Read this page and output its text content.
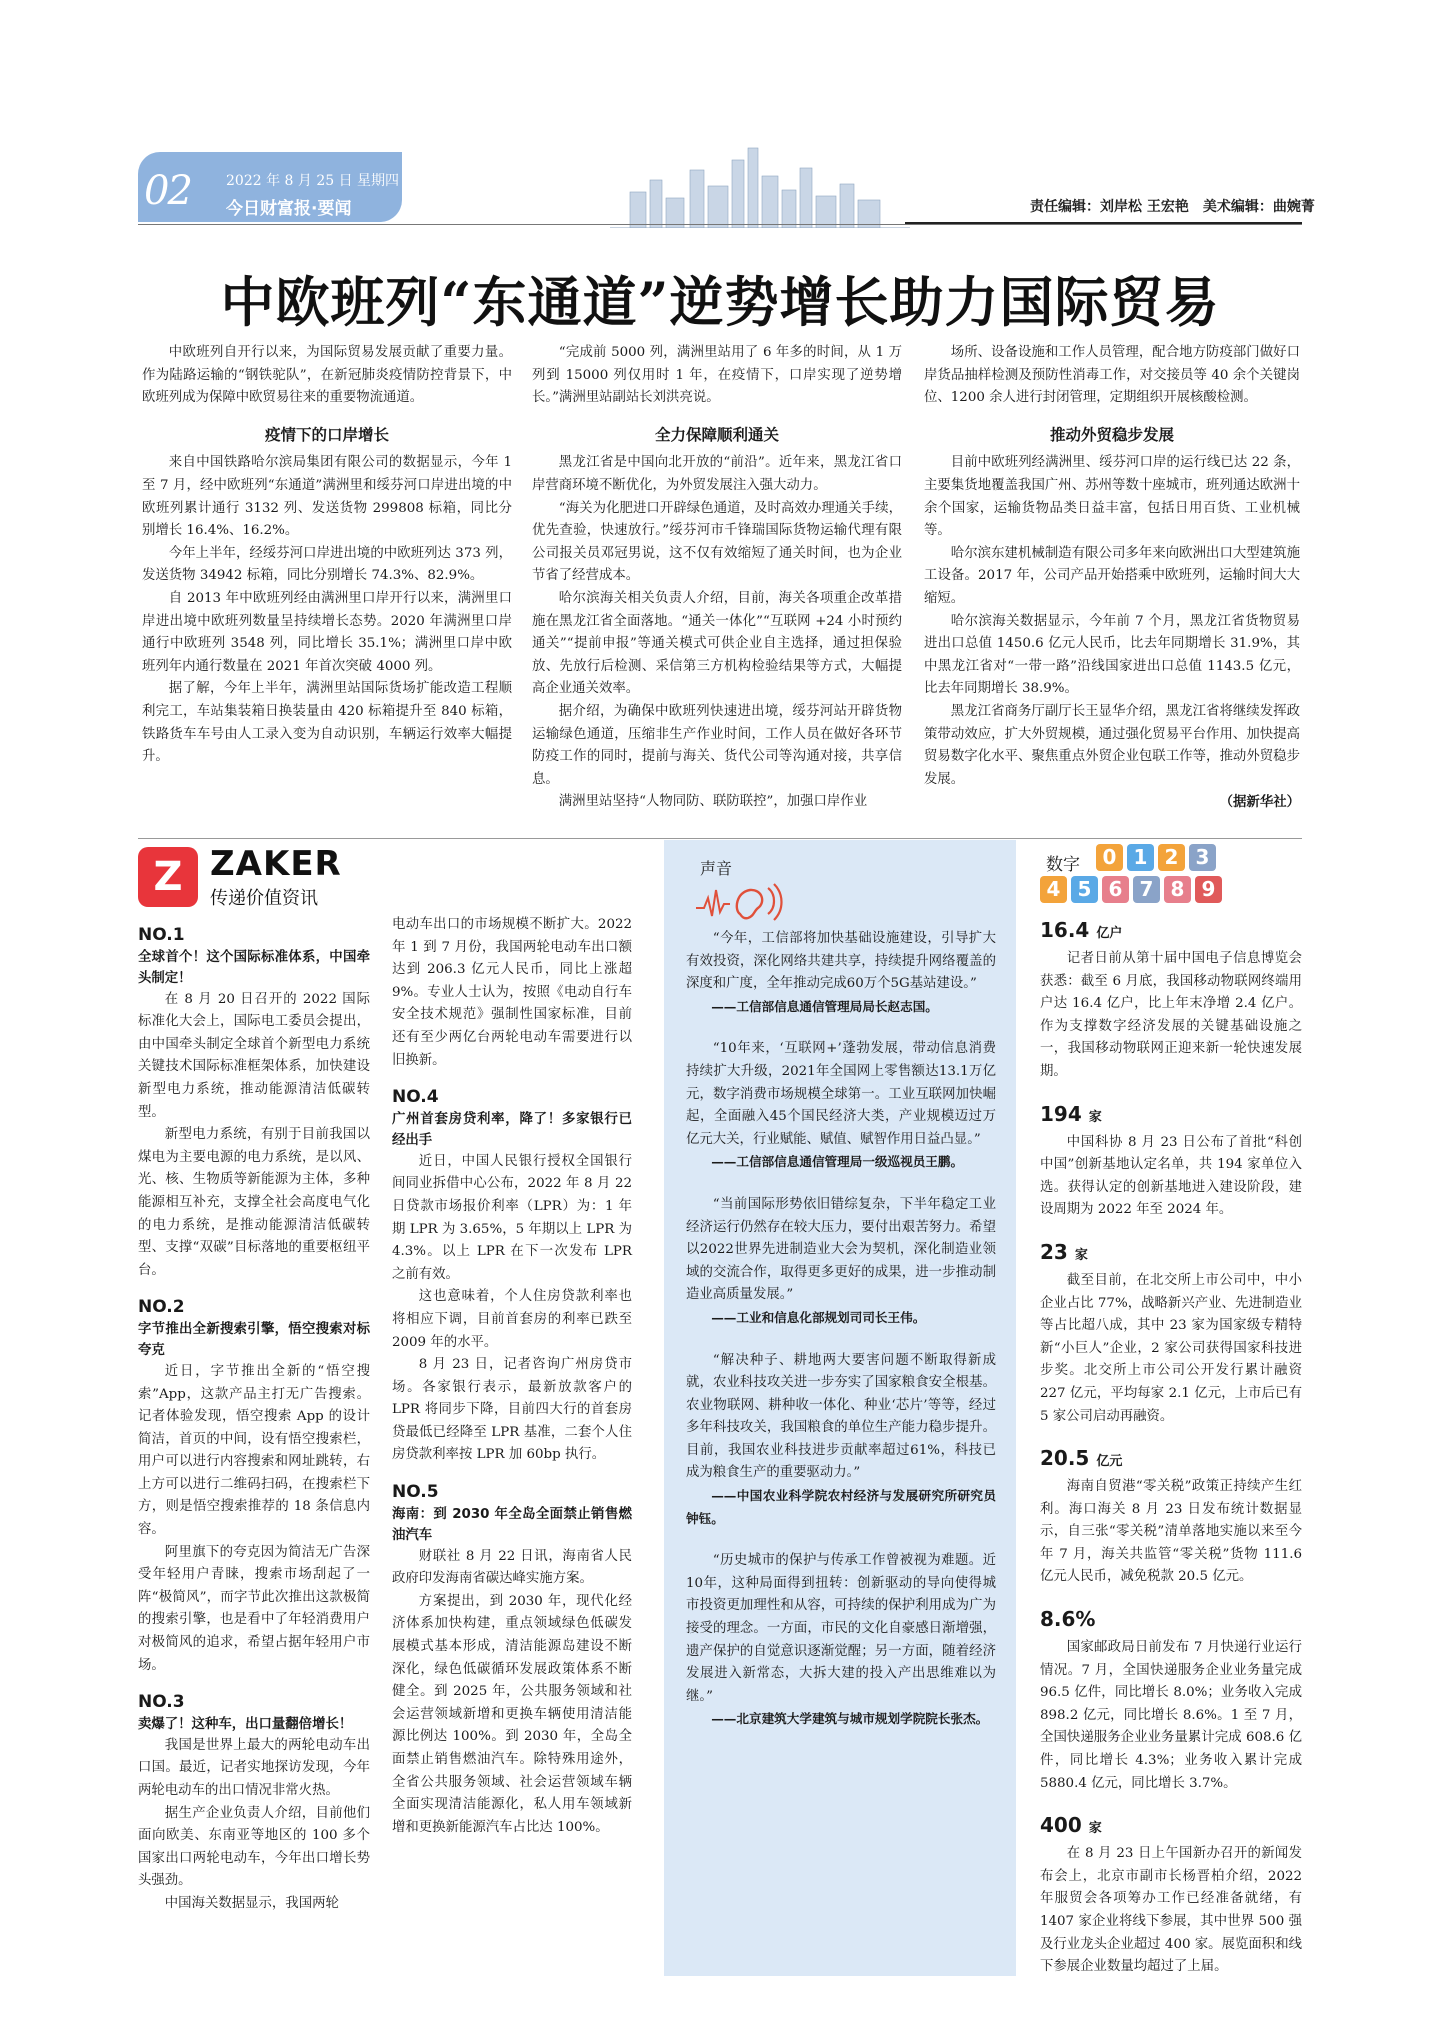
02	2022 年 8 月 25 日 星期四
今日财富报·要闻	责任编辑：刘岸松 王宏艳　美术编辑：曲婉菁
中欧班列“东通道”逆势增长助力国际贸易

中欧班列自开行以来，为国际贸易发展贡献了重要力量。作为陆路运输的“钢铁驼队”，在新冠肺炎疫情防控背景下，中欧班列成为保障中欧贸易往来的重要物流通道。

疫情下的口岸增长

来自中国铁路哈尔滨局集团有限公司的数据显示，今年 1 至 7 月，经中欧班列“东通道”满洲里和绥芬河口岸进出境的中欧班列累计通行 3132 列、发送货物 299808 标箱，同比分别增长 16.4%、16.2%。

今年上半年，经绥芬河口岸进出境的中欧班列达 373 列，发送货物 34942 标箱，同比分别增长 74.3%、82.9%。

自 2013 年中欧班列经由满洲里口岸开行以来，满洲里口岸进出境中欧班列数量呈持续增长态势。2020 年满洲里口岸通行中欧班列 3548 列，同比增长 35.1%；满洲里口岸中欧班列年内通行数量在 2021 年首次突破 4000 列。

据了解，今年上半年，满洲里站国际货场扩能改造工程顺利完工，车站集装箱日换装量由 420 标箱提升至 840 标箱，铁路货车车号由人工录入变为自动识别，车辆运行效率大幅提升。

“完成前 5000 列，满洲里站用了 6 年多的时间，从 1 万列到 15000 列仅用时 1 年，在疫情下，口岸实现了逆势增长。”满洲里站副站长刘洪亮说。

全力保障顺利通关

黑龙江省是中国向北开放的“前沿”。近年来，黑龙江省口岸营商环境不断优化，为外贸发展注入强大动力。

“海关为化肥进口开辟绿色通道，及时高效办理通关手续，优先查验，快速放行。”绥芬河市千锋瑞国际货物运输代理有限公司报关员邓冠男说，这不仅有效缩短了通关时间，也为企业节省了经营成本。

哈尔滨海关相关负责人介绍，目前，海关各项重企改革措施在黑龙江省全面落地。“通关一体化”“互联网 +24 小时预约通关”“提前申报”等通关模式可供企业自主选择，通过担保验放、先放行后检测、采信第三方机构检验结果等方式，大幅提高企业通关效率。

据介绍，为确保中欧班列快速进出境，绥芬河站开辟货物运输绿色通道，压缩非生产作业时间，工作人员在做好各环节防疫工作的同时，提前与海关、货代公司等沟通对接，共享信息。

满洲里站坚持“人物同防、联防联控”，加强口岸作业

场所、设备设施和工作人员管理，配合地方防疫部门做好口岸货品抽样检测及预防性消毒工作，对交接员等 40 余个关键岗位、1200 余人进行封闭管理，定期组织开展核酸检测。

推动外贸稳步发展

目前中欧班列经满洲里、绥芬河口岸的运行线已达 22 条，主要集货地覆盖我国广州、苏州等数十座城市，班列通达欧洲十余个国家，运输货物品类日益丰富，包括日用百货、工业机械等。

哈尔滨东建机械制造有限公司多年来向欧洲出口大型建筑施工设备。2017 年，公司产品开始搭乘中欧班列，运输时间大大缩短。

哈尔滨海关数据显示，今年前 7 个月，黑龙江省货物贸易进出口总值 1450.6 亿元人民币，比去年同期增长 31.9%，其中黑龙江省对“一带一路”沿线国家进出口总值 1143.5 亿元，比去年同期增长 38.9%。

黑龙江省商务厅副厅长王显华介绍，黑龙江省将继续发挥政策带动效应，扩大外贸规模，通过强化贸易平台作用、加快提高贸易数字化水平、聚焦重点外贸企业包联工作等，推动外贸稳步发展。

（据新华社）
Z ZAKER
传递价值资讯
NO.1
全球首个！这个国际标准体系，中国牵头制定！

在 8 月 20 日召开的 2022 国际标准化大会上，国际电工委员会提出，由中国牵头制定全球首个新型电力系统关键技术国际标准框架体系，加快建设新型电力系统，推动能源清洁低碳转型。

新型电力系统，有别于目前我国以煤电为主要电源的电力系统，是以风、光、核、生物质等新能源为主体，多种能源相互补充，支撑全社会高度电气化的电力系统，是推动能源清洁低碳转型、支撑“双碳”目标落地的重要枢纽平台。

NO.2
字节推出全新搜索引擎，悟空搜索对标夸克

近日，字节推出全新的“悟空搜索”App，这款产品主打无广告搜索。记者体验发现，悟空搜索 App 的设计简洁，首页的中间，设有悟空搜索栏，用户可以进行内容搜索和网址跳转，右上方可以进行二维码扫码，在搜索栏下方，则是悟空搜索推荐的 18 条信息内容。

阿里旗下的夸克因为简洁无广告深受年轻用户青睐，搜索市场刮起了一阵“极简风”，而字节此次推出这款极简的搜索引擎，也是看中了年轻消费用户对极简风的追求，希望占据年轻用户市场。

NO.3
卖爆了！这种车，出口量翻倍增长！

我国是世界上最大的两轮电动车出口国。最近，记者实地探访发现，今年两轮电动车的出口情况非常火热。

据生产企业负责人介绍，目前他们面向欧美、东南亚等地区的 100 多个国家出口两轮电动车，今年出口增长势头强劲。

中国海关数据显示，我国两轮

电动车出口的市场规模不断扩大。2022 年 1 到 7 月份，我国两轮电动车出口额达到 206.3 亿元人民币，同比上涨超 9%。专业人士认为，按照《电动自行车安全技术规范》强制性国家标准，目前还有至少两亿台两轮电动车需要进行以旧换新。

NO.4
广州首套房贷利率，降了！多家银行已经出手

近日，中国人民银行授权全国银行间同业拆借中心公布，2022 年 8 月 22 日贷款市场报价利率（LPR）为：1 年期 LPR 为 3.65%，5 年期以上 LPR 为 4.3%。以上 LPR 在下一次发布 LPR 之前有效。

这也意味着，个人住房贷款利率也将相应下调，目前首套房的利率已跌至 2009 年的水平。

8 月 23 日，记者咨询广州房贷市场。各家银行表示，最新放款客户的 LPR 将同步下降，目前四大行的首套房贷最低已经降至 LPR 基准，二套个人住房贷款利率按 LPR 加 60bp 执行。

NO.5
海南：到 2030 年全岛全面禁止销售燃油汽车

财联社 8 月 22 日讯，海南省人民政府印发海南省碳达峰实施方案。

方案提出，到 2030 年，现代化经济体系加快构建，重点领域绿色低碳发展模式基本形成，清洁能源岛建设不断深化，绿色低碳循环发展政策体系不断健全。到 2025 年，公共服务领域和社会运营领域新增和更换车辆使用清洁能源比例达 100%。到 2030 年，全岛全面禁止销售燃油汽车。除特殊用途外，全省公共服务领域、社会运营领域车辆全面实现清洁能源化，私人用车领域新增和更换新能源汽车占比达 100%。

声音

“今年，工信部将加快基础设施建设，引导扩大有效投资，深化网络共建共享，持续提升网络覆盖的深度和广度，全年推动完成60万个5G基站建设。”

——工信部信息通信管理局局长赵志国。

“10年来，‘互联网+’蓬勃发展，带动信息消费持续扩大升级，2021年全国网上零售额达13.1万亿元，数字消费市场规模全球第一。工业互联网加快崛起，全面融入45个国民经济大类，产业规模迈过万亿元大关，行业赋能、赋值、赋智作用日益凸显。”

——工信部信息通信管理局一级巡视员王鹏。

“当前国际形势依旧错综复杂，下半年稳定工业经济运行仍然存在较大压力，要付出艰苦努力。希望以2022世界先进制造业大会为契机，深化制造业领域的交流合作，取得更多更好的成果，进一步推动制造业高质量发展。”

——工业和信息化部规划司司长王伟。

“解决种子、耕地两大要害问题不断取得新成就，农业科技攻关进一步夯实了国家粮食安全根基。农业物联网、耕种收一体化、种业‘芯片’等等，经过多年科技攻关，我国粮食的单位生产能力稳步提升。目前，我国农业科技进步贡献率超过61%，科技已成为粮食生产的重要驱动力。”

——中国农业科学院农村经济与发展研究所研究员钟钰。

“历史城市的保护与传承工作曾被视为难题。近10年，这种局面得到扭转：创新驱动的导向使得城市投资更加理性和从容，可持续的保护利用成为广为接受的理念。一方面，市民的文化自豪感日渐增强，遗产保护的自觉意识逐渐觉醒；另一方面，随着经济发展进入新常态，大拆大建的投入产出思维难以为继。”

——北京建筑大学建筑与城市规划学院院长张杰。
数字	0 1 2 3
4 5 6 7 8 9
16.4 亿户

记者日前从第十届中国电子信息博览会获悉：截至 6 月底，我国移动物联网终端用户达 16.4 亿户，比上年末净增 2.4 亿户。作为支撑数字经济发展的关键基础设施之一，我国移动物联网正迎来新一轮快速发展期。

194 家

中国科协 8 月 23 日公布了首批“科创中国”创新基地认定名单，共 194 家单位入选。获得认定的创新基地进入建设阶段，建设周期为 2022 年至 2024 年。

23 家

截至目前，在北交所上市公司中，中小企业占比 77%，战略新兴产业、先进制造业等占比超八成，其中 23 家为国家级专精特新“小巨人”企业，2 家公司获得国家科技进步奖。北交所上市公司公开发行累计融资 227 亿元，平均每家 2.1 亿元，上市后已有 5 家公司启动再融资。

20.5 亿元

海南自贸港“零关税”政策正持续产生红利。海口海关 8 月 23 日发布统计数据显示，自三张“零关税”清单落地实施以来至今年 7 月，海关共监管“零关税”货物 111.6 亿元人民币，减免税款 20.5 亿元。

8.6%

国家邮政局日前发布 7 月快递行业运行情况。7 月，全国快递服务企业业务量完成 96.5 亿件，同比增长 8.0%；业务收入完成 898.2 亿元，同比增长 8.6%。1 至 7 月，全国快递服务企业业务量累计完成 608.6 亿件，同比增长 4.3%；业务收入累计完成 5880.4 亿元，同比增长 3.7%。

400 家

在 8 月 23 日上午国新办召开的新闻发布会上，北京市副市长杨晋柏介绍，2022 年服贸会各项筹办工作已经准备就绪，有 1407 家企业将线下参展，其中世界 500 强及行业龙头企业超过 400 家。展览面积和线下参展企业数量均超过了上届。
